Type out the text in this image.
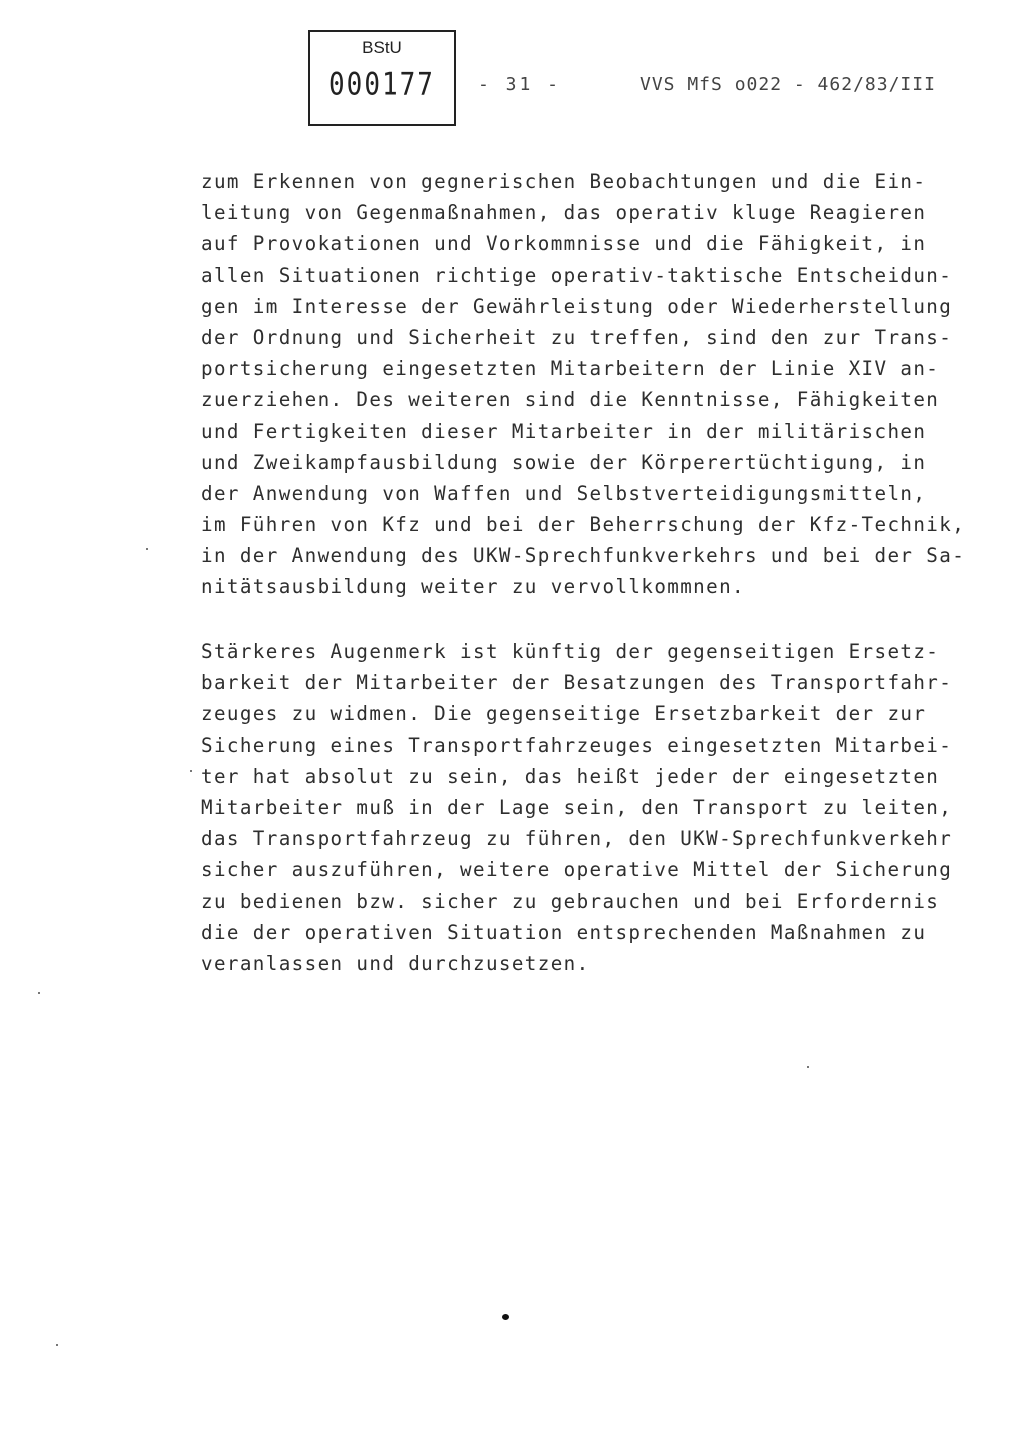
BStU
000177	- 31 -	VVS MfS o022 - 462/83/III
zum Erkennen von gegnerischen Beobachtungen und die Ein-
leitung von Gegenmaßnahmen, das operativ kluge Reagieren
auf Provokationen und Vorkommnisse und die Fähigkeit, in
allen Situationen richtige operativ-taktische Entscheidun-
gen im Interesse der Gewährleistung oder Wiederherstellung
der Ordnung und Sicherheit zu treffen, sind den zur Trans-
portsicherung eingesetzten Mitarbeitern der Linie XIV an-
zuerziehen. Des weiteren sind die Kenntnisse, Fähigkeiten
und Fertigkeiten dieser Mitarbeiter in der militärischen
und Zweikampfausbildung sowie der Körperertüchtigung, in
der Anwendung von Waffen und Selbstverteidigungsmitteln,
im Führen von Kfz und bei der Beherrschung der Kfz-Technik,
in der Anwendung des UKW-Sprechfunkverkehrs und bei der Sa-
nitätsausbildung weiter zu vervollkommnen.
Stärkeres Augenmerk ist künftig der gegenseitigen Ersetz-
barkeit der Mitarbeiter der Besatzungen des Transportfahr-
zeuges zu widmen. Die gegenseitige Ersetzbarkeit der zur
Sicherung eines Transportfahrzeuges eingesetzten Mitarbei-
ter hat absolut zu sein, das heißt jeder der eingesetzten
Mitarbeiter muß in der Lage sein, den Transport zu leiten,
das Transportfahrzeug zu führen, den UKW-Sprechfunkverkehr
sicher auszuführen, weitere operative Mittel der Sicherung
zu bedienen bzw. sicher zu gebrauchen und bei Erfordernis
die der operativen Situation entsprechenden Maßnahmen zu
veranlassen und durchzusetzen.
